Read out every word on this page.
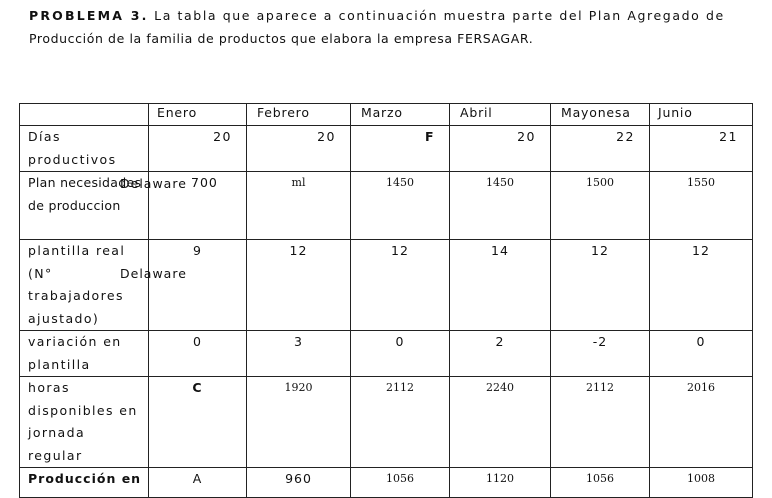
PROBLEMA 3. La tabla que aparece a continuación muestra parte del Plan Agregado de
Producción de la familia de productos que elabora la empresa FERSAGAR.
	Enero	Febrero	Marzo	Abril	Mayonesa	Junio
Días productivos	20	20	F	20	22	21
Plan necesidades de produccion	700	ml	1450	1450	1500	1550
plantilla real (N° trabajadores ajustado)	9	12	12	14	12	12
variación en plantilla	0	3	0	2	-2	0
horas disponibles en jornada regular	C	1920	2112	2240	2112	2016
Producción en	A	960	1056	1120	1056	1008
Delaware
Delaware
